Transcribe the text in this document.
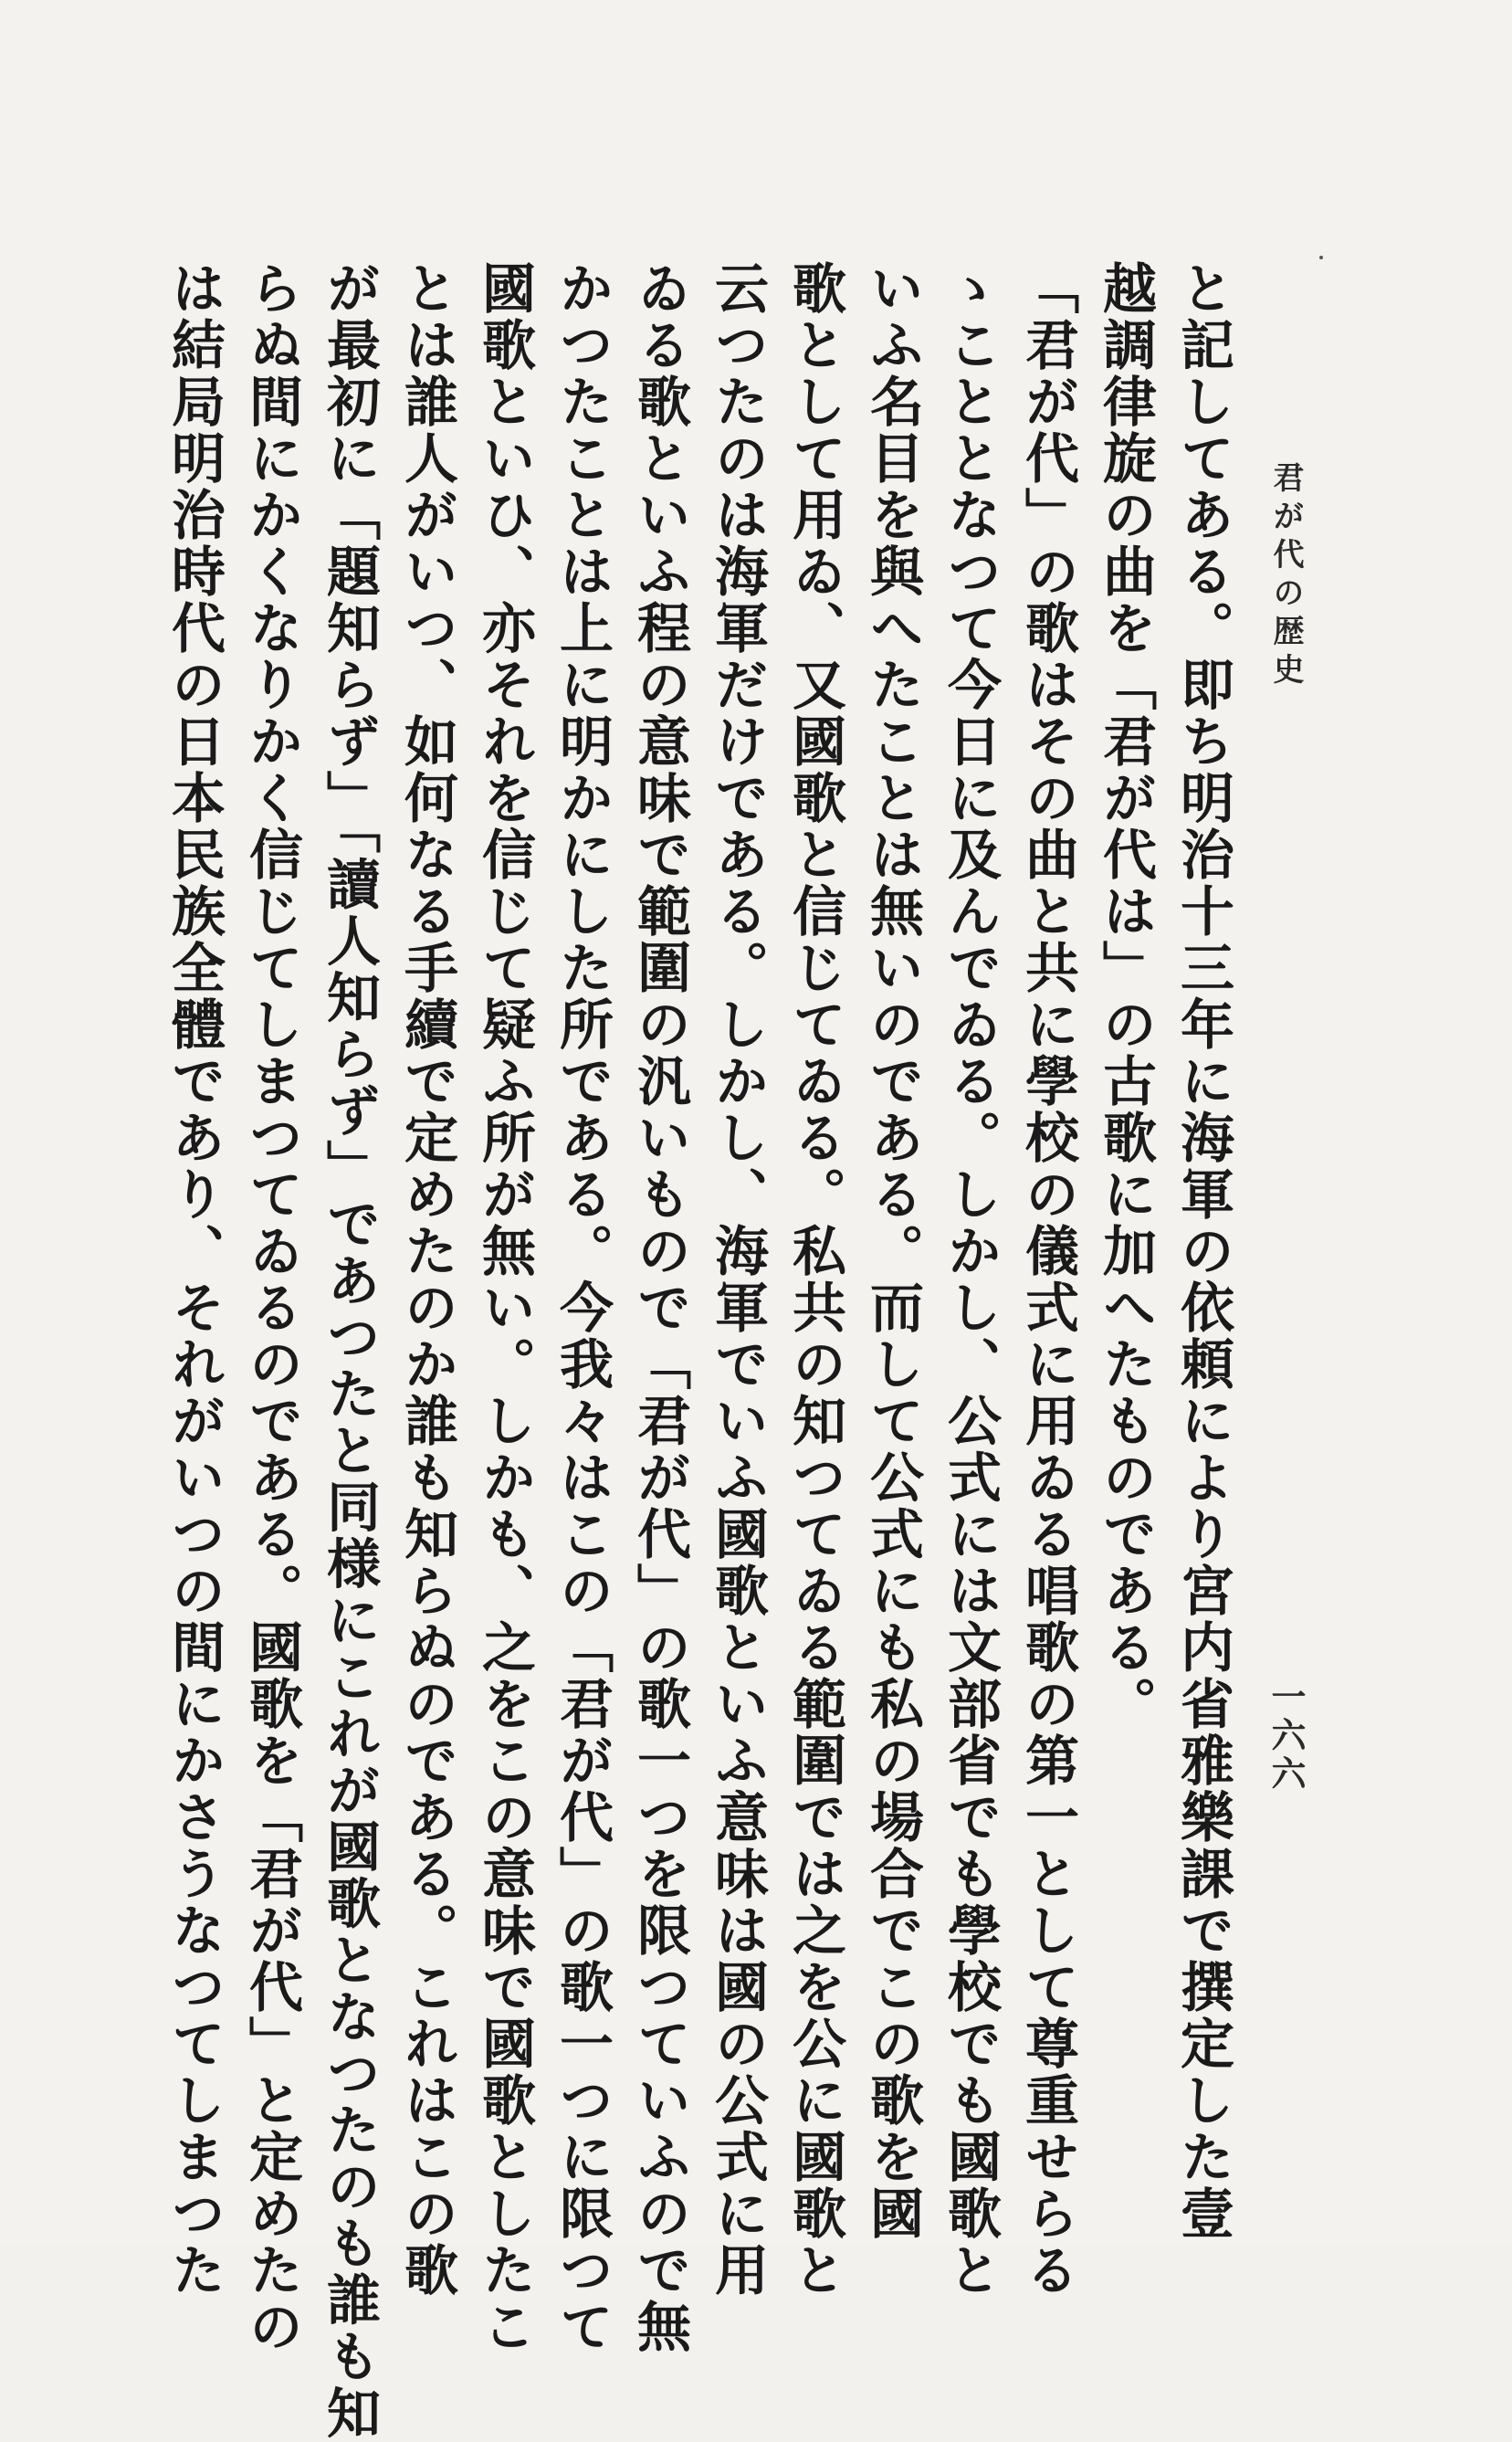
君が代の歴史
一六六
と記してある。即ち明治十三年に海軍の依頼により宮内省雅樂課で撰定した壹
越調律旋の曲を「君が代は」の古歌に加へたものである。
「君が代」の歌はその曲と共に學校の儀式に用ゐる唱歌の第一として尊重せらる
ゝこととなつて今日に及んでゐる。しかし、公式には文部省でも學校でも國歌と
いふ名目を與へたことは無いのである。而して公式にも私の場合でこの歌を國
歌として用ゐ、又國歌と信じてゐる。私共の知つてゐる範圍では之を公に國歌と
云つたのは海軍だけである。しかし、海軍でいふ國歌といふ意味は國の公式に用
ゐる歌といふ程の意味で範圍の汎いもので「君が代」の歌一つを限つていふので無
かつたことは上に明かにした所である。今我々はこの「君が代」の歌一つに限つて
國歌といひ、亦それを信じて疑ふ所が無い。しかも、之をこの意味で國歌としたこ
とは誰人がいつ、如何なる手續で定めたのか誰も知らぬのである。これはこの歌
が最初に「題知らず」「讀人知らず」であつたと同様にこれが國歌となつたのも誰も知
らぬ間にかくなりかく信じてしまつてゐるのである。國歌を「君が代」と定めたの
は結局明治時代の日本民族全體であり、それがいつの間にかさうなつてしまつた
